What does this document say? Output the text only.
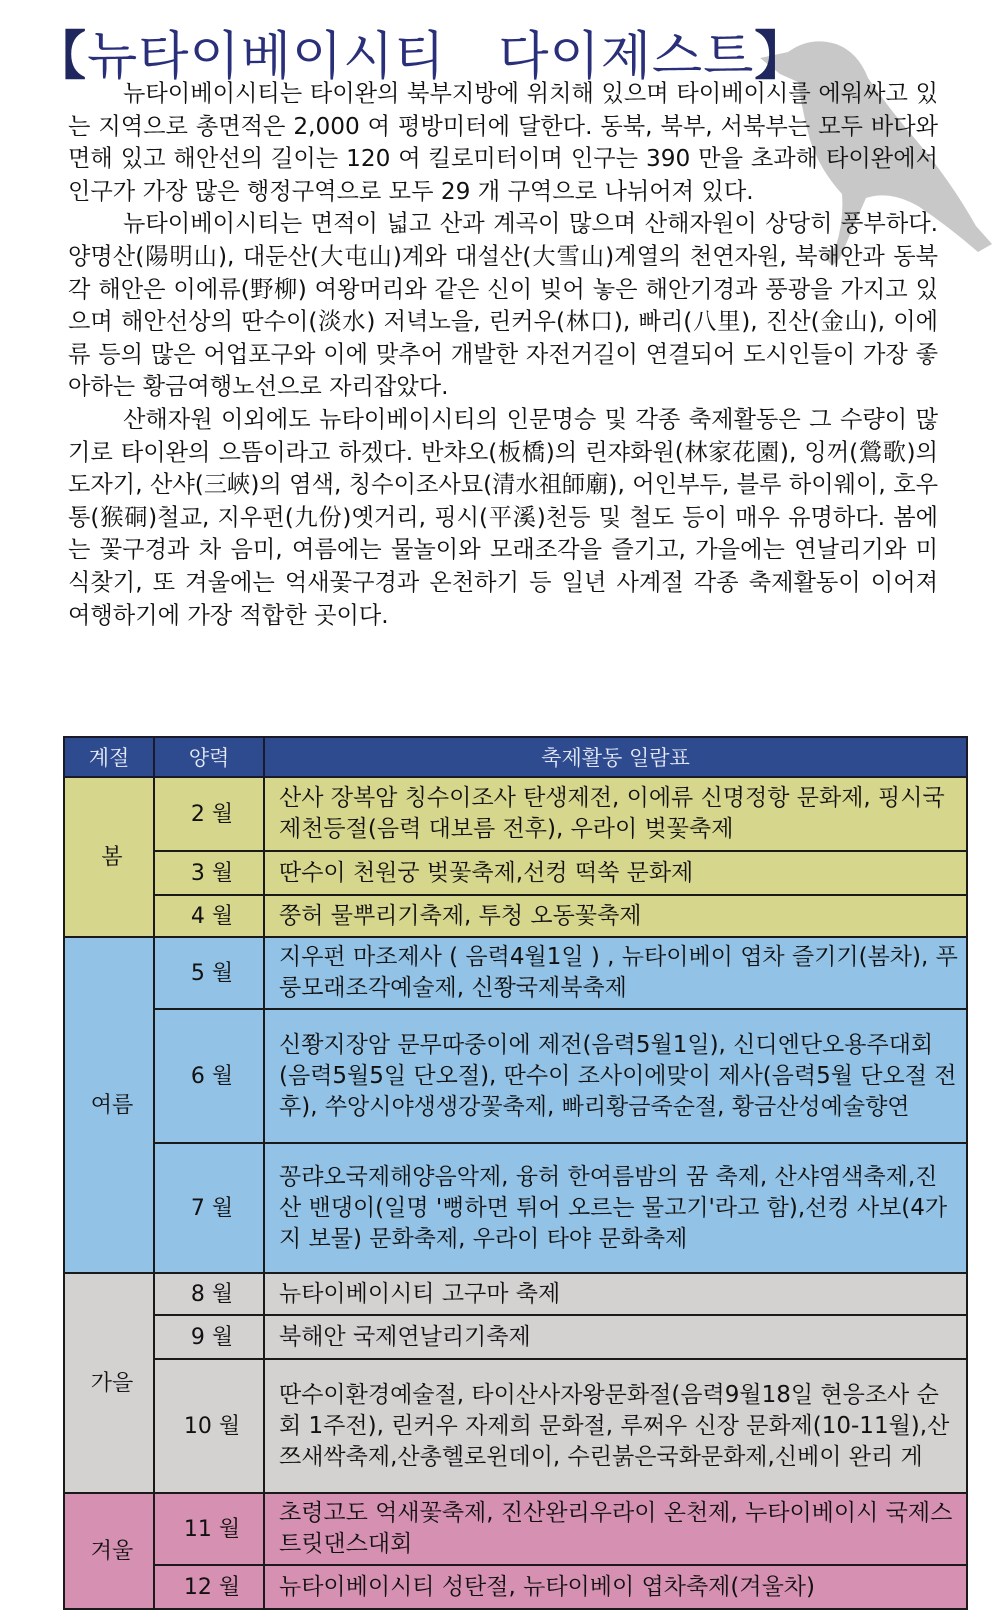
【뉴타이베이시티   다이제스트】

뉴타이베이시티는 타이완의 북부지방에 위치해 있으며 타이베이시를 에워싸고 있는 지역으로 총면적은 2,000 여 평방미터에 달한다. 동북, 북부, 서북부는 모두 바다와 면해 있고 해안선의 길이는 120 여 킬로미터이며 인구는 390 만을 초과해 타이완에서 인구가 가장 많은 행정구역으로 모두 29 개 구역으로 나뉘어져 있다.

뉴타이베이시티는 면적이 넓고 산과 계곡이 많으며 산해자원이 상당히 풍부하다. 양명산(陽明山), 대둔산(大屯山)계와 대설산(大雪山)계열의 천연자원, 북해안과 동북각 해안은 이에류(野柳) 여왕머리와 같은 신이 빚어 놓은 해안기경과 풍광을 가지고 있으며 해안선상의 딴수이(淡水) 저녁노을, 린커우(林口), 빠리(八里), 진산(金山), 이에류 등의 많은 어업포구와 이에 맞추어 개발한 자전거길이 연결되어 도시인들이 가장 좋아하는 황금여행노선으로 자리잡았다.

산해자원 이외에도 뉴타이베이시티의 인문명승 및 각종 축제활동은 그 수량이 많기로 타이완의 으뜸이라고 하겠다. 반챠오(板橋)의 린쟈화원(林家花園), 잉꺼(鶯歌)의 도자기, 산샤(三峽)의 염색, 칭수이조사묘(清水祖師廟), 어인부두, 블루 하이웨이, 호우통(猴硐)철교, 지우펀(九份)옛거리, 핑시(平溪)천등 및 철도 등이 매우 유명하다. 봄에는 꽃구경과 차 음미, 여름에는 물놀이와 모래조각을 즐기고, 가을에는 연날리기와 미식찾기, 또 겨울에는 억새꽃구경과 온천하기 등 일년 사계절 각종 축제활동이 이어져 여행하기에 가장 적합한 곳이다.

계절	양력	축제활동 일람표
봄	2 월	산사 장복암 칭수이조사 탄생제전, 이에류 신명정항 문화제, 핑시국제천등절(음력 대보름 전후), 우라이 벚꽃축제
	3 월	딴수이 천원궁 벚꽃축제,선컹 떡쑥 문화제
	4 월	쭝허 물뿌리기축제, 투청 오동꽃축제
여름	5 월	지우펀 마조제사 ( 음력4월1일 ) , 뉴타이베이 엽차 즐기기(봄차), 푸룽모래조각예술제, 신쫭국제북축제
	6 월	신쫭지장암 문무따중이에 제전(음력5월1일), 신디엔단오용주대회(음력5월5일 단오절), 딴수이 조사이에맞이 제사(음력5월 단오절 전후), 쑤앙시야생생강꽃축제, 빠리황금죽순절, 황금산성예술향연
	7 월	꽁랴오국제해양음악제, 융허 한여름밤의 꿈 축제, 산샤염색축제,진산 밴댕이(일명 '뻥하면 튀어 오르는 물고기'라고 함),선컹 사보(4가지 보물) 문화축제, 우라이 타야 문화축제
가을	8 월	뉴타이베이시티 고구마 축제
	9 월	북해안 국제연날리기축제
	10 월	딴수이환경예술절, 타이산사자왕문화절(음력9월18일 현응조사 순회 1주전), 린커우 자제희 문화절, 루쩌우 신장 문화제(10-11월),산쯔새싹축제,산총헬로윈데이, 수린붉은국화문화제,신베이 완리 게
겨울	11 월	초령고도 억새꽃축제, 진산완리우라이 온천제, 누타이베이시 국제스트릿댄스대회
	12 월	뉴타이베이시티 성탄절, 뉴타이베이 엽차축제(겨울차)
